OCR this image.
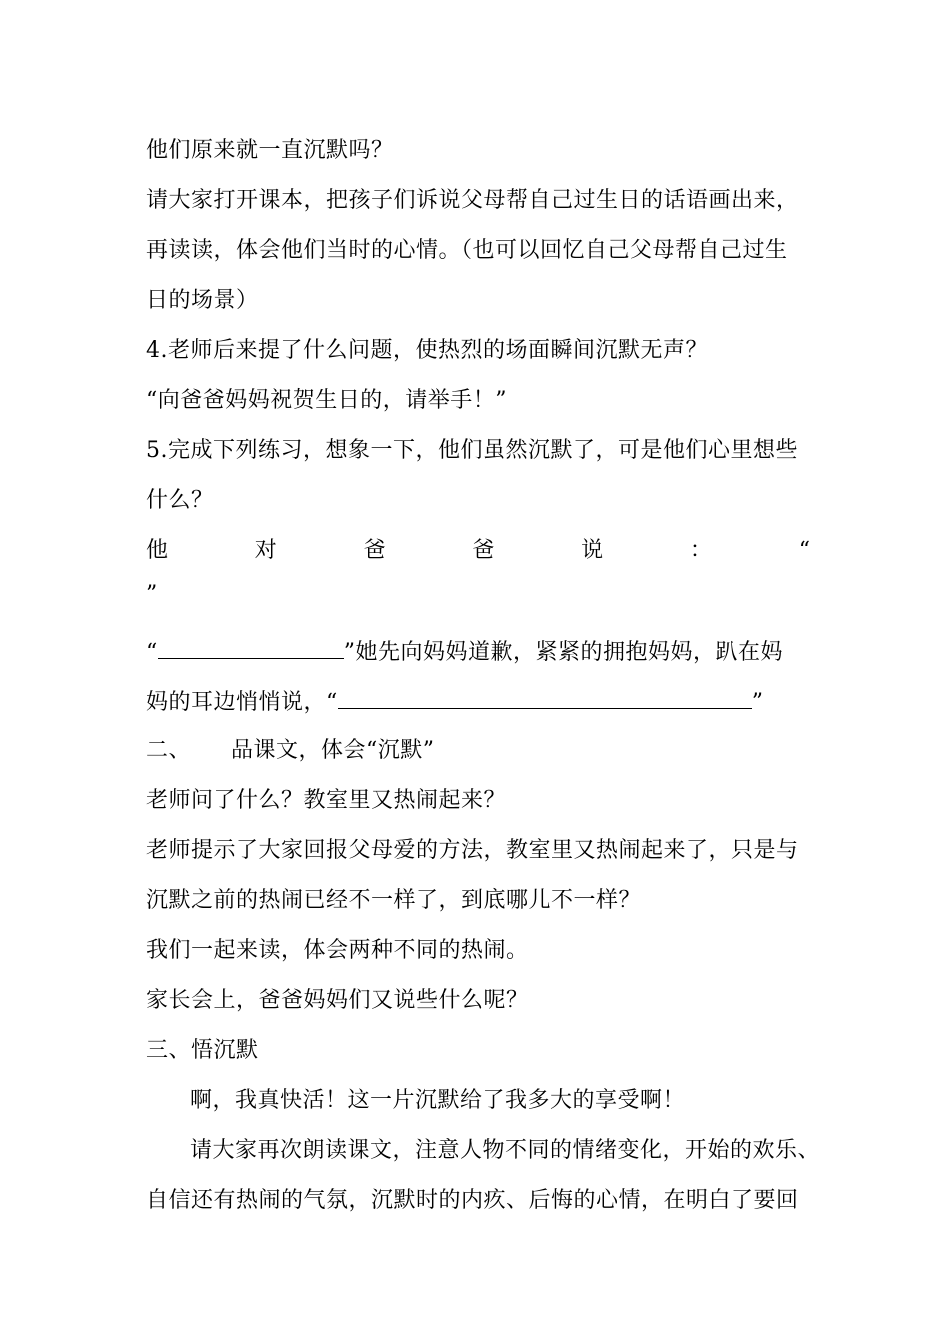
他们原来就一直沉默吗？
请大家打开课本，把孩子们诉说父母帮自己过生日的话语画出来，
再读读，体会他们当时的心情。（也可以回忆自己父母帮自己过生
日的场景）
4.老师后来提了什么问题，使热烈的场面瞬间沉默无声？
“向爸爸妈妈祝贺生日的，请举手！”
5.完成下列练习，想象一下，他们虽然沉默了，可是他们心里想些
什么？
他	对	爸	爸	说	：	“
”
“	”她先向妈妈道歉，紧紧的拥抱妈妈，趴在妈
妈的耳边悄悄说，“	”
二、 品课文，体会“沉默”
老师问了什么？教室里又热闹起来？
老师提示了大家回报父母爱的方法，教室里又热闹起来了，只是与
沉默之前的热闹已经不一样了，到底哪儿不一样？
我们一起来读，体会两种不同的热闹。
家长会上，爸爸妈妈们又说些什么呢？
三、悟沉默
啊，我真快活！这一片沉默给了我多大的享受啊！
请大家再次朗读课文，注意人物不同的情绪变化，开始的欢乐、
自信还有热闹的气氛，沉默时的内疚、后悔的心情，在明白了要回
